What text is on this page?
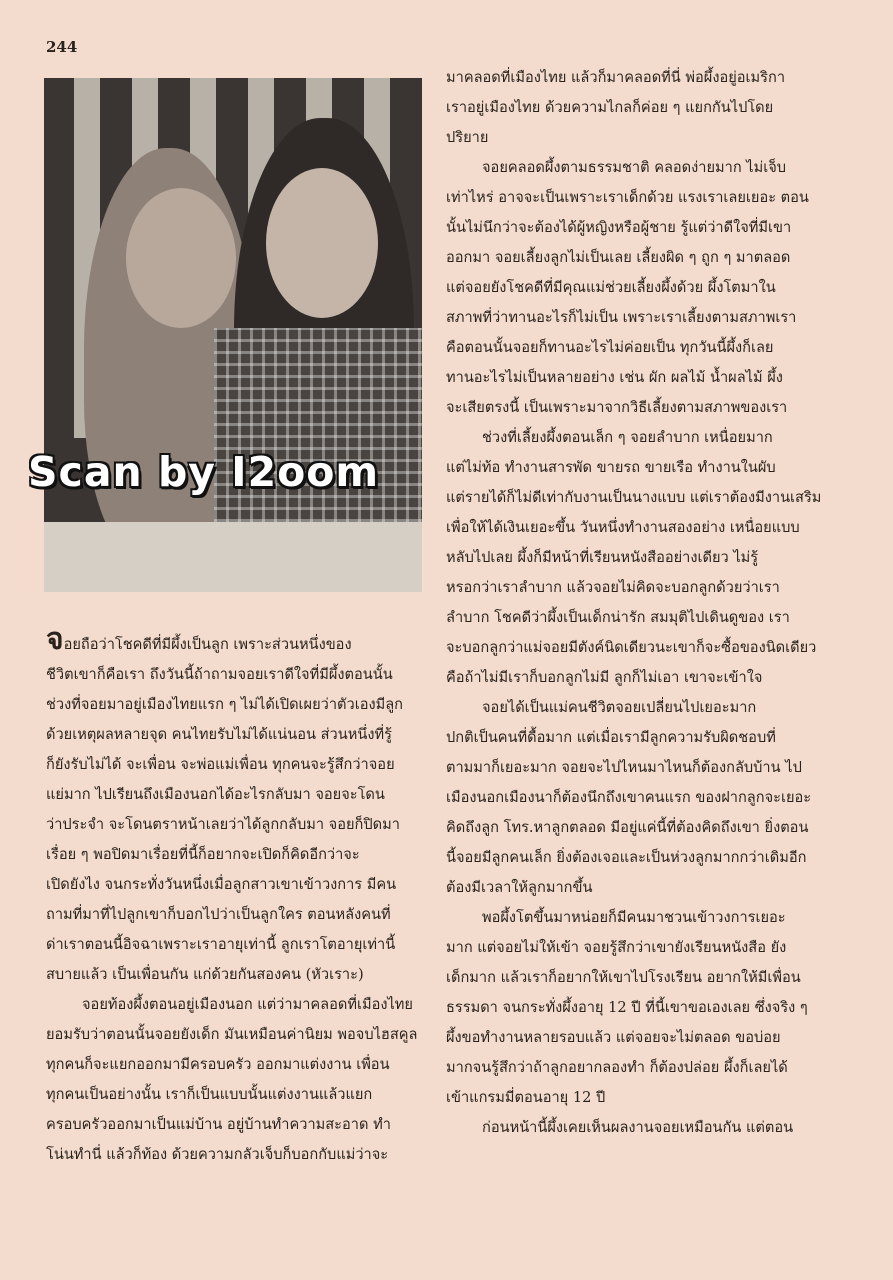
244
Scan by I2oom
จอยถือว่าโชคดีที่มีผึ้งเป็นลูก เพราะส่วนหนึ่งของ
ชีวิตเขาก็คือเรา ถึงวันนี้ถ้าถามจอยเราดีใจที่มีผึ้งตอนนั้น
ช่วงที่จอยมาอยู่เมืองไทยแรก ๆ ไม่ได้เปิดเผยว่าตัวเองมีลูก
ด้วยเหตุผลหลายจุด คนไทยรับไม่ได้แน่นอน ส่วนหนึ่งที่รู้
ก็ยังรับไม่ได้ จะเพื่อน จะพ่อแม่เพื่อน ทุกคนจะรู้สึกว่าจอย
แย่มาก ไปเรียนถึงเมืองนอกได้อะไรกลับมา จอยจะโดน
ว่าประจำ จะโดนตราหน้าเลยว่าได้ลูกกลับมา จอยก็ปิดมา
เรื่อย ๆ พอปิดมาเรื่อยที่นี้ก็อยากจะเปิดก็คิดอีกว่าจะ
เปิดยังไง จนกระทั่งวันหนึ่งเมื่อลูกสาวเขาเข้าวงการ มีคน
ถามที่มาที่ไปลูกเขาก็บอกไปว่าเป็นลูกใคร ตอนหลังคนที่
ด่าเราตอนนี้อิจฉาเพราะเราอายุเท่านี้ ลูกเราโตอายุเท่านี้
สบายแล้ว เป็นเพื่อนกัน แก่ด้วยกันสองคน (หัวเราะ)
จอยท้องผึ้งตอนอยู่เมืองนอก แต่ว่ามาคลอดที่เมืองไทย
ยอมรับว่าตอนนั้นจอยยังเด็ก มันเหมือนค่านิยม พอจบไฮสคูล
ทุกคนก็จะแยกออกมามีครอบครัว ออกมาแต่งงาน เพื่อน
ทุกคนเป็นอย่างนั้น เราก็เป็นแบบนั้นแต่งงานแล้วแยก
ครอบครัวออกมาเป็นแม่บ้าน อยู่บ้านทำความสะอาด ทำ
โน่นทำนี่ แล้วก็ท้อง ด้วยความกลัวเจ็บก็บอกกับแม่ว่าจะ
มาคลอดที่เมืองไทย แล้วก็มาคลอดที่นี่ พ่อผึ้งอยู่อเมริกา
เราอยู่เมืองไทย ด้วยความไกลก็ค่อย ๆ แยกกันไปโดย
ปริยาย
จอยคลอดผึ้งตามธรรมชาติ คลอดง่ายมาก ไม่เจ็บ
เท่าไหร่ อาจจะเป็นเพราะเราเด็กด้วย แรงเราเลยเยอะ ตอน
นั้นไม่นึกว่าจะต้องได้ผู้หญิงหรือผู้ชาย รู้แต่ว่าดีใจที่มีเขา
ออกมา จอยเลี้ยงลูกไม่เป็นเลย เลี้ยงผิด ๆ ถูก ๆ มาตลอด
แต่จอยยังโชคดีที่มีคุณแม่ช่วยเลี้ยงผึ้งด้วย ผึ้งโตมาใน
สภาพที่ว่าทานอะไรก็ไม่เป็น เพราะเราเลี้ยงตามสภาพเรา
คือตอนนั้นจอยก็ทานอะไรไม่ค่อยเป็น ทุกวันนี้ผึ้งก็เลย
ทานอะไรไม่เป็นหลายอย่าง เช่น ผัก ผลไม้ น้ำผลไม้ ผึ้ง
จะเสียตรงนี้ เป็นเพราะมาจากวิธีเลี้ยงตามสภาพของเรา
ช่วงที่เลี้ยงผึ้งตอนเล็ก ๆ จอยลำบาก เหนื่อยมาก
แต่ไม่ท้อ ทำงานสารพัด ขายรถ ขายเรือ ทำงานในผับ
แต่รายได้ก็ไม่ดีเท่ากับงานเป็นนางแบบ แต่เราต้องมีงานเสริม
เพื่อให้ได้เงินเยอะขึ้น วันหนึ่งทำงานสองอย่าง เหนื่อยแบบ
หลับไปเลย ผึ้งก็มีหน้าที่เรียนหนังสืออย่างเดียว ไม่รู้
หรอกว่าเราลำบาก แล้วจอยไม่คิดจะบอกลูกด้วยว่าเรา
ลำบาก โชคดีว่าผึ้งเป็นเด็กน่ารัก สมมุติไปเดินดูของ เรา
จะบอกลูกว่าแม่จอยมีตังค์นิดเดียวนะเขาก็จะซื้อของนิดเดียว
คือถ้าไม่มีเราก็บอกลูกไม่มี ลูกก็ไม่เอา เขาจะเข้าใจ
จอยได้เป็นแม่คนชีวิตจอยเปลี่ยนไปเยอะมาก
ปกติเป็นคนที่ดื้อมาก แต่เมื่อเรามีลูกความรับผิดชอบที่
ตามมาก็เยอะมาก จอยจะไปไหนมาไหนก็ต้องกลับบ้าน ไป
เมืองนอกเมืองนาก็ต้องนึกถึงเขาคนแรก ของฝากลูกจะเยอะ
คิดถึงลูก โทร.หาลูกตลอด มีอยู่แค่นี้ที่ต้องคิดถึงเขา ยิ่งตอน
นี้จอยมีลูกคนเล็ก ยิ่งต้องเจอและเป็นห่วงลูกมากกว่าเดิมอีก
ต้องมีเวลาให้ลูกมากขึ้น
พอผึ้งโตขึ้นมาหน่อยก็มีคนมาชวนเข้าวงการเยอะ
มาก แต่จอยไม่ให้เข้า จอยรู้สึกว่าเขายังเรียนหนังสือ ยัง
เด็กมาก แล้วเราก็อยากให้เขาไปโรงเรียน อยากให้มีเพื่อน
ธรรมดา จนกระทั่งผึ้งอายุ 12 ปี ที่นี้เขาขอเองเลย ซึ่งจริง ๆ
ผึ้งขอทำงานหลายรอบแล้ว แต่จอยจะไม่ตลอด ขอบ่อย
มากจนรู้สึกว่าถ้าลูกอยากลองทำ ก็ต้องปล่อย ผึ้งก็เลยได้
เข้าแกรมมี่ตอนอายุ 12 ปี
ก่อนหน้านี้ผึ้งเคยเห็นผลงานจอยเหมือนกัน แต่ตอน
